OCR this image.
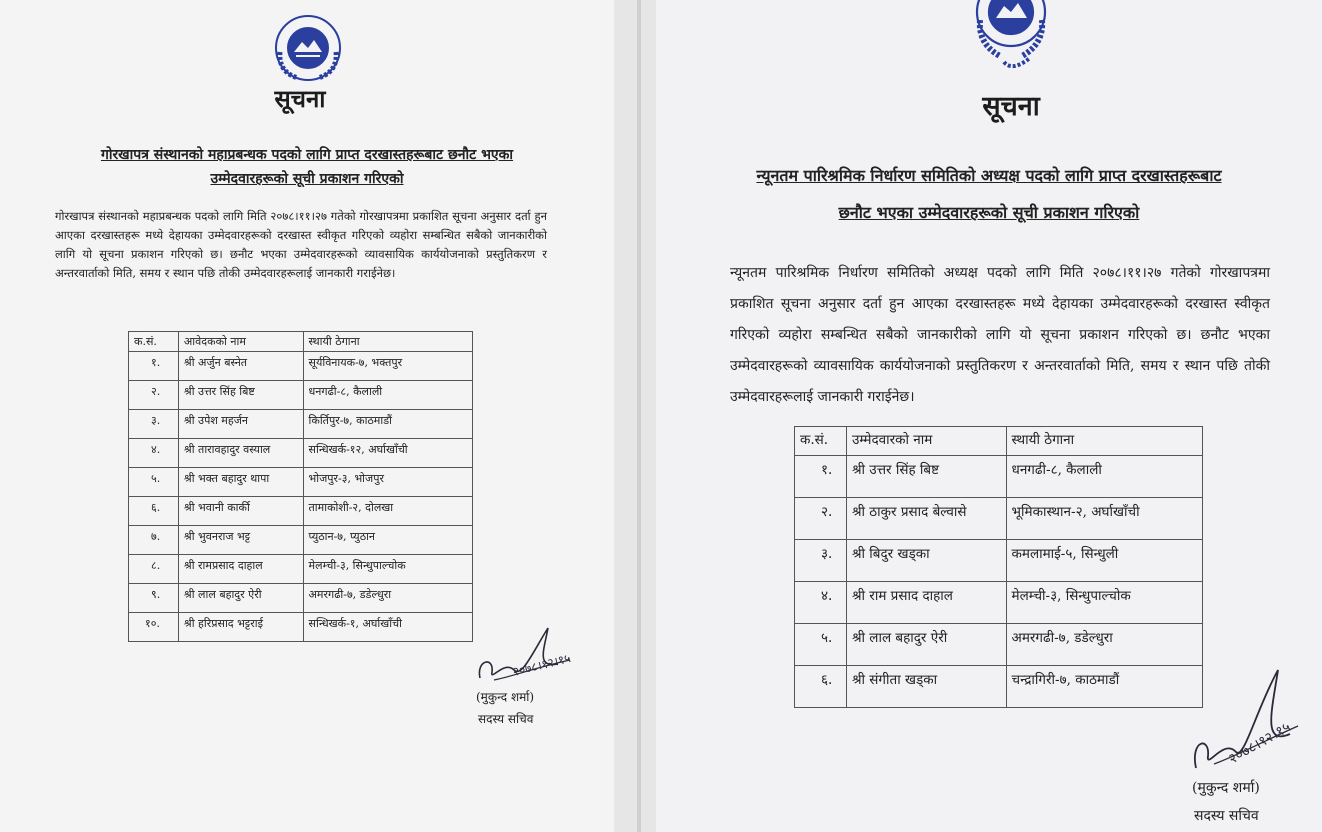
सूचना
गोरखापत्र संस्थानको महाप्रबन्धक पदको लागि प्राप्त दरखास्तहरूबाट छनौट भएका
उम्मेदवारहरूको सूची प्रकाशन गरिएको
गोरखापत्र संस्थानको महाप्रबन्धक पदको लागि मिति २०७८।११।२७ गतेको गोरखापत्रमा प्रकाशित सूचना अनुसार दर्ता हुन आएका दरखास्तहरू मध्ये देहायका उम्मेदवारहरूको दरखास्त स्वीकृत गरिएको व्यहोरा सम्बन्धित सबैको जानकारीको लागि यो सूचना प्रकाशन गरिएको छ। छनौट भएका उम्मेदवारहरूको व्यावसायिक कार्ययोजनाको प्रस्तुतिकरण र अन्तरवार्ताको मिति, समय र स्थान पछि तोकी उम्मेदवारहरूलाई जानकारी गराईनेछ।
क.सं.	आवेदकको नाम	स्थायी ठेगाना
१.	श्री अर्जुन बस्नेत	सूर्यविनायक-७, भक्तपुर
२.	श्री उत्तर सिंह बिष्ट	धनगढी-८, कैलाली
३.	श्री उपेश महर्जन	किर्तिपुर-७, काठमाडौं
४.	श्री तारावहादुर वस्याल	सन्धिखर्क-१२, अर्घाखाँची
५.	श्री भक्त बहादुर थापा	भोजपुर-३, भोजपुर
६.	श्री भवानी कार्की	तामाकोशी-२, दोलखा
७.	श्री भुवनराज भट्ट	प्युठान-७, प्युठान
८.	श्री रामप्रसाद दाहाल	मेलम्ची-३, सिन्धुपाल्चोक
९.	श्री लाल बहादुर ऐरी	अमरगढी-७, डडेल्धुरा
१०.	श्री हरिप्रसाद भट्टराई	सन्धिखर्क-१, अर्घाखाँची
२०७८।१२।१५
(मुकुन्द शर्मा)
सदस्य सचिव
सूचना
न्यूनतम पारिश्रमिक निर्धारण समितिको अध्यक्ष पदको लागि प्राप्त दरखास्तहरूबाट
छनौट भएका उम्मेदवारहरूको सूची प्रकाशन गरिएको
न्यूनतम पारिश्रमिक निर्धारण समितिको अध्यक्ष पदको लागि मिति २०७८।११।२७ गतेको गोरखापत्रमा प्रकाशित सूचना अनुसार दर्ता हुन आएका दरखास्तहरू मध्ये देहायका उम्मेदवारहरूको दरखास्त स्वीकृत गरिएको व्यहोरा सम्बन्धित सबैको जानकारीको लागि यो सूचना प्रकाशन गरिएको छ। छनौट भएका उम्मेदवारहरूको व्यावसायिक कार्ययोजनाको प्रस्तुतिकरण र अन्तरवार्ताको मिति, समय र स्थान पछि तोकी उम्मेदवारहरूलाई जानकारी गराईनेछ।
क.सं.	उम्मेदवारको नाम	स्थायी ठेगाना
१.	श्री उत्तर सिंह बिष्ट	धनगढी-८, कैलाली
२.	श्री ठाकुर प्रसाद बेल्वासे	भूमिकास्थान-२, अर्घाखाँची
३.	श्री बिदुर खड्का	कमलामाई-५, सिन्धुली
४.	श्री राम प्रसाद दाहाल	मेलम्ची-३, सिन्धुपाल्चोक
५.	श्री लाल बहादुर ऐरी	अमरगढी-७, डडेल्धुरा
६.	श्री संगीता खड्का	चन्द्रागिरी-७, काठमाडौं
२०७८।१२।१५
(मुकुन्द शर्मा)
सदस्य सचिव
